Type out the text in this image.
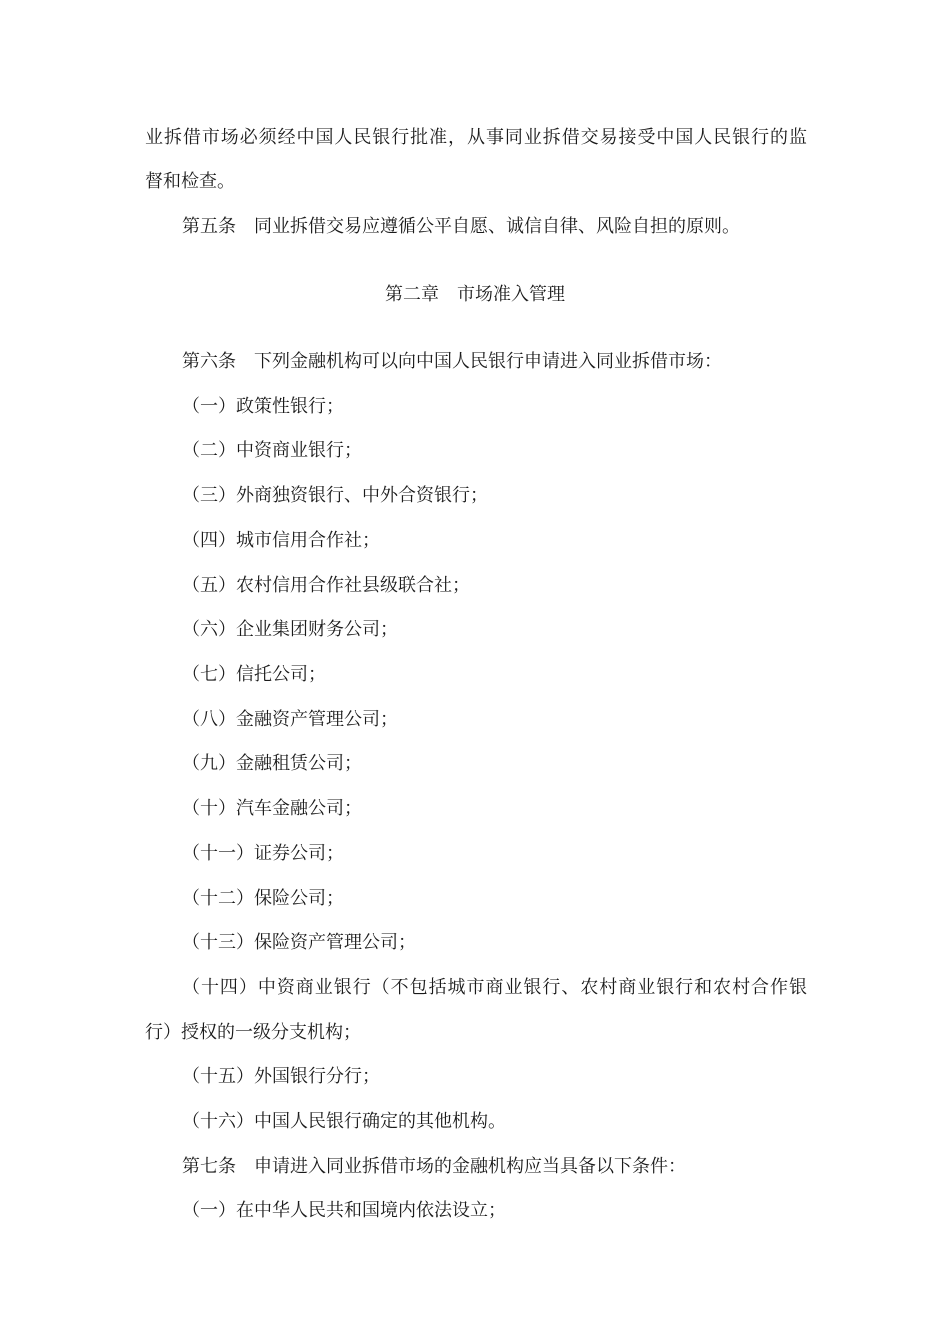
业拆借市场必须经中国人民银行批准，从事同业拆借交易接受中国人民银行的监
督和检查。
第五条 同业拆借交易应遵循公平自愿、诚信自律、风险自担的原则。
第二章 市场准入管理
第六条 下列金融机构可以向中国人民银行申请进入同业拆借市场：
（一）政策性银行；
（二）中资商业银行；
（三）外商独资银行、中外合资银行；
（四）城市信用合作社；
（五）农村信用合作社县级联合社；
（六）企业集团财务公司；
（七）信托公司；
（八）金融资产管理公司；
（九）金融租赁公司；
（十）汽车金融公司；
（十一）证券公司；
（十二）保险公司；
（十三）保险资产管理公司；
（十四）中资商业银行（不包括城市商业银行、农村商业银行和农村合作银
行）授权的一级分支机构；
（十五）外国银行分行；
（十六）中国人民银行确定的其他机构。
第七条 申请进入同业拆借市场的金融机构应当具备以下条件：
（一）在中华人民共和国境内依法设立；
